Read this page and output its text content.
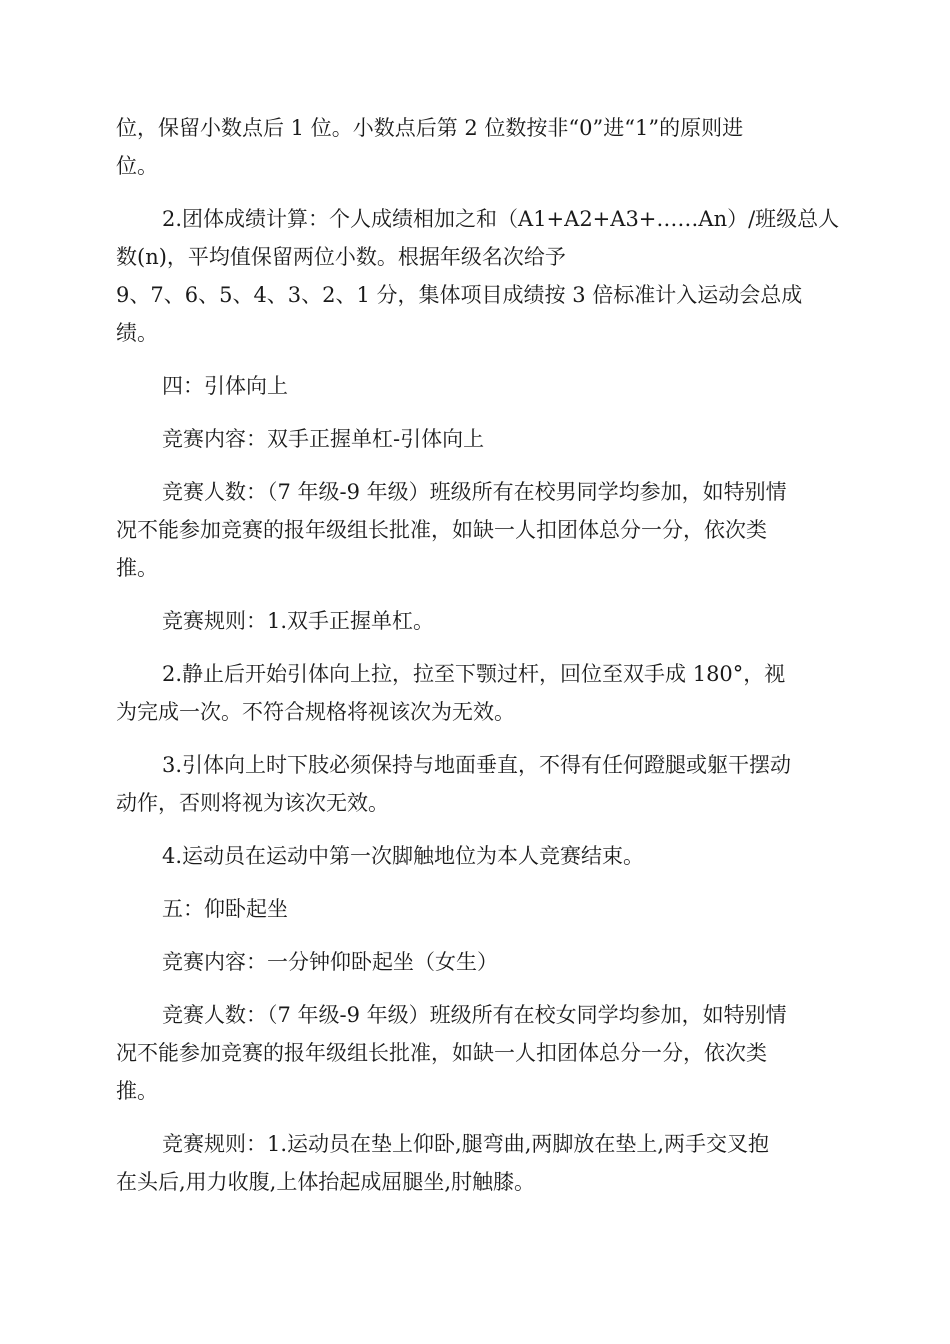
位，保留小数点后 1 位。小数点后第 2 位数按非“0”进“1”的原则进
位。
2.团体成绩计算：个人成绩相加之和（A1+A2+A3+……An）/班级总人
数(n)，平均值保留两位小数。根据年级名次给予
9、7、6、5、4、3、2、1 分，集体项目成绩按 3 倍标准计入运动会总成
绩。
四：引体向上
竞赛内容：双手正握单杠-引体向上
竞赛人数：（7 年级-9 年级）班级所有在校男同学均参加，如特别情
况不能参加竞赛的报年级组长批准，如缺一人扣团体总分一分，依次类
推。
竞赛规则：1.双手正握单杠。
2.静止后开始引体向上拉，拉至下颚过杆，回位至双手成 180°，视
为完成一次。不符合规格将视该次为无效。
3.引体向上时下肢必须保持与地面垂直，不得有任何蹬腿或躯干摆动
动作，否则将视为该次无效。
4.运动员在运动中第一次脚触地位为本人竞赛结束。
五：仰卧起坐
竞赛内容：一分钟仰卧起坐（女生）
竞赛人数：（7 年级-9 年级）班级所有在校女同学均参加，如特别情
况不能参加竞赛的报年级组长批准，如缺一人扣团体总分一分，依次类
推。
竞赛规则：1.运动员在垫上仰卧,腿弯曲,两脚放在垫上,两手交叉抱
在头后,用力收腹,上体抬起成屈腿坐,肘触膝。
